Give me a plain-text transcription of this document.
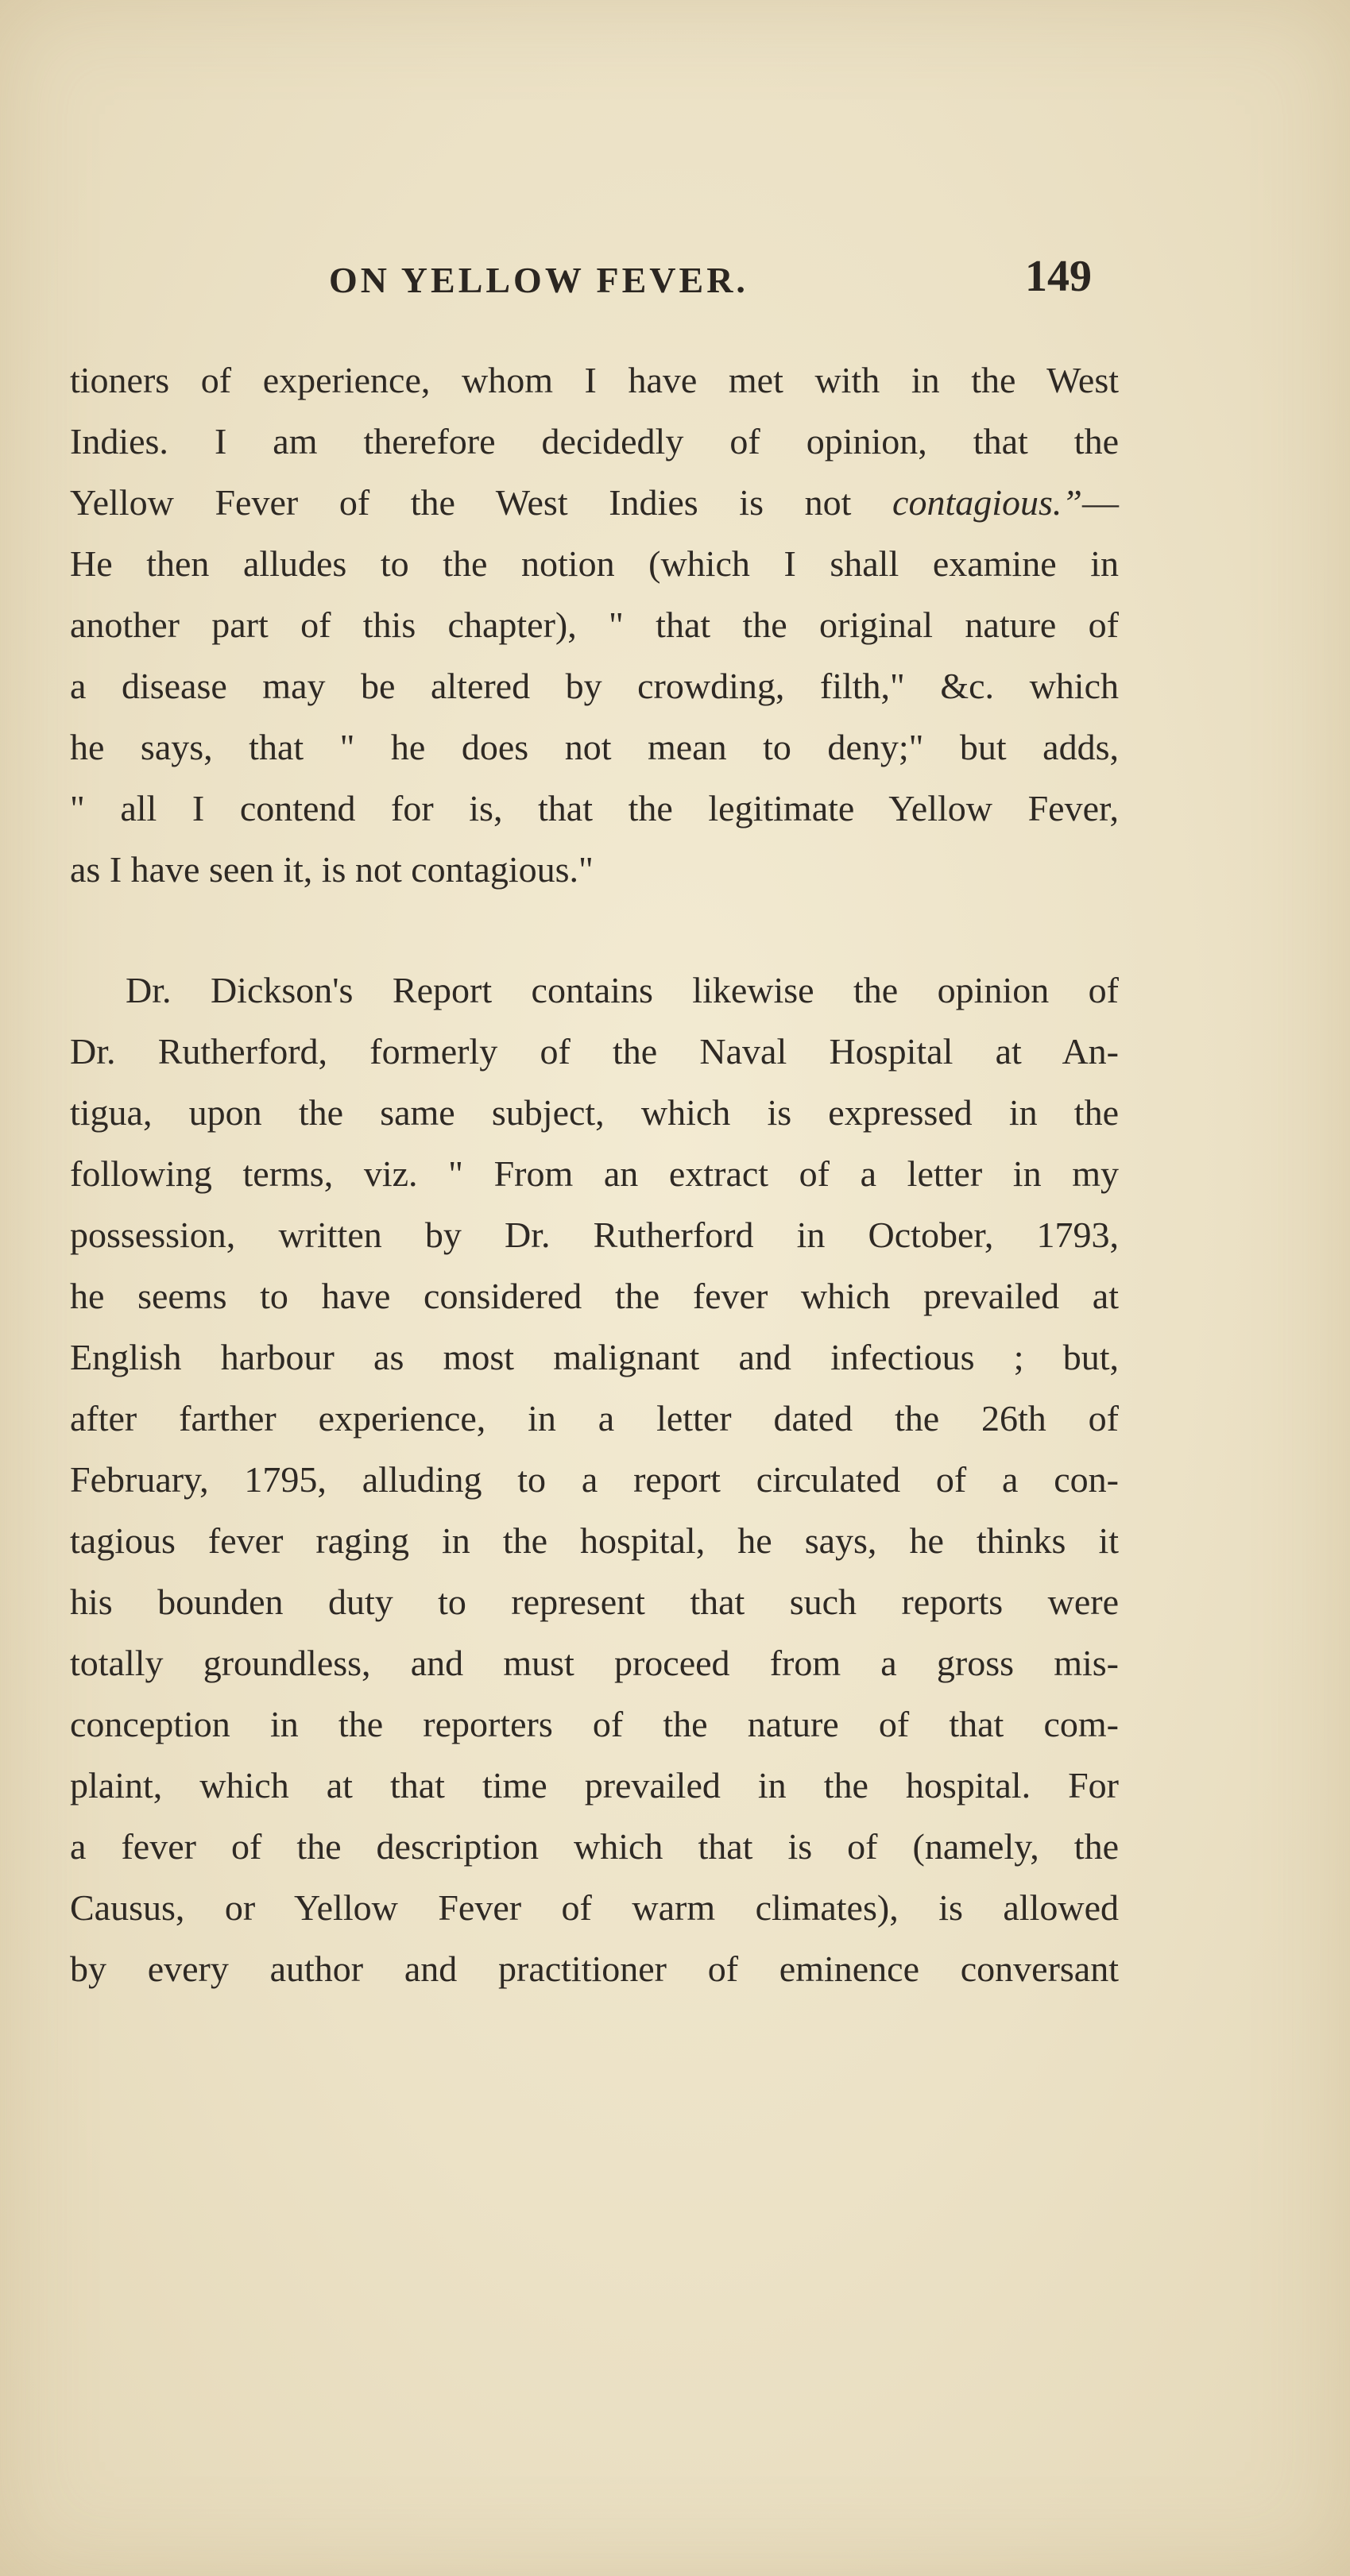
ON YELLOW FEVER.	149

tioners of experience, whom I have met with in the West
Indies. I am therefore decidedly of opinion, that the
Yellow Fever of the West Indies is not contagious.”—
He then alludes to the notion (which I shall examine in
another part of this chapter), " that the original nature of
a disease may be altered by crowding, filth," &c. which
he says, that " he does not mean to deny;" but adds,
" all I contend for is, that the legitimate Yellow Fever,
as I have seen it, is not contagious."

Dr. Dickson's Report contains likewise the opinion of
Dr. Rutherford, formerly of the Naval Hospital at An-
tigua, upon the same subject, which is expressed in the
following terms, viz. " From an extract of a letter in my
possession, written by Dr. Rutherford in October, 1793,
he seems to have considered the fever which prevailed at
English harbour as most malignant and infectious ; but,
after farther experience, in a letter dated the 26th of
February, 1795, alluding to a report circulated of a con-
tagious fever raging in the hospital, he says, he thinks it
his bounden duty to represent that such reports were
totally groundless, and must proceed from a gross mis-
conception in the reporters of the nature of that com-
plaint, which at that time prevailed in the hospital. For
a fever of the description which that is of (namely, the
Causus, or Yellow Fever of warm climates), is allowed
by every author and practitioner of eminence conversant
